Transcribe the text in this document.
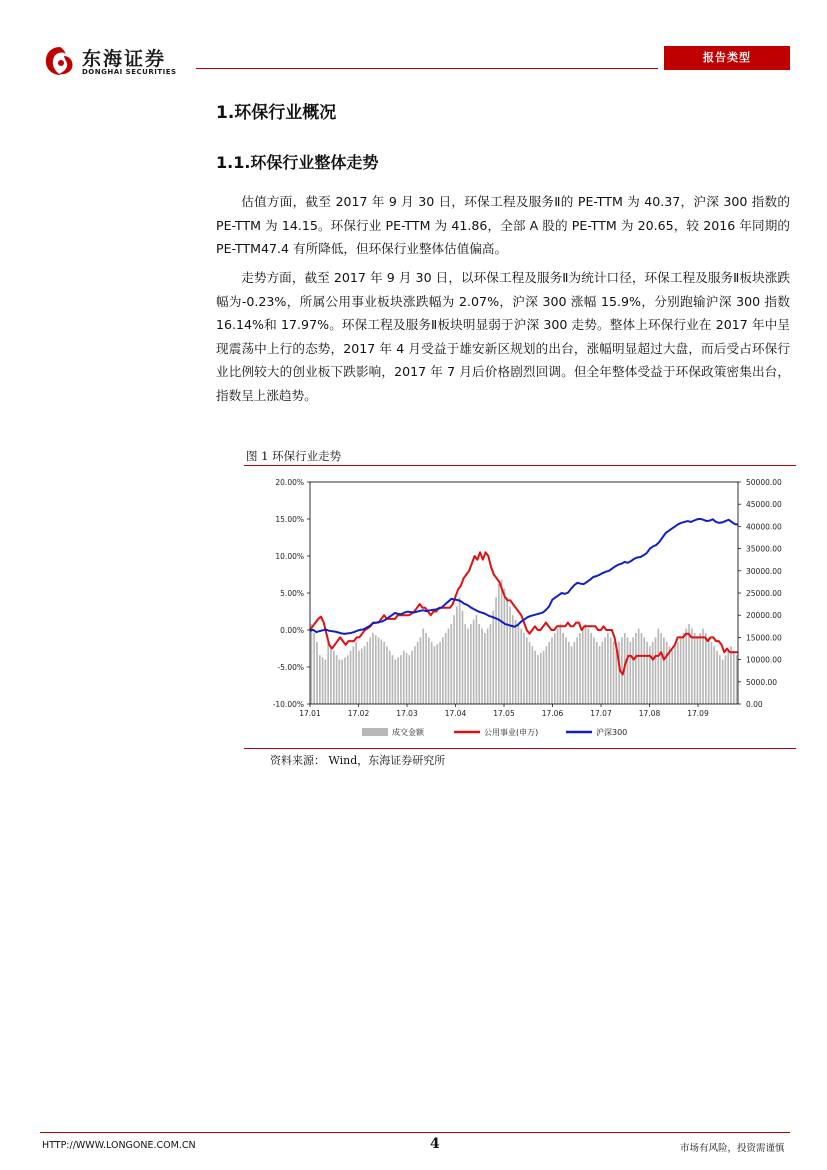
东海证券
DONGHAI SECURITIES
报告类型
1.环保行业概况
1.1.环保行业整体走势

估值方面，截至 2017 年 9 月 30 日，环保工程及服务Ⅱ的 PE-TTM 为 40.37，沪深 300 指数的 PE-TTM 为 14.15。环保行业 PE-TTM 为 41.86，全部 A 股的 PE-TTM 为 20.65，较 2016 年同期的 PE-TTM47.4 有所降低，但环保行业整体估值偏高。

走势方面，截至 2017 年 9 月 30 日，以环保工程及服务Ⅱ为统计口径，环保工程及服务Ⅱ板块涨跌幅为-0.23%，所属公用事业板块涨跌幅为 2.07%，沪深 300 涨幅 15.9%，分别跑输沪深 300 指数 16.14%和 17.97%。环保工程及服务Ⅱ板块明显弱于沪深 300 走势。整体上环保行业在 2017 年中呈现震荡中上行的态势，2017 年 4 月受益于雄安新区规划的出台，涨幅明显超过大盘，而后受占环保行业比例较大的创业板下跌影响，2017 年 7 月后价格剧烈回调。但全年整体受益于环保政策密集出台，指数呈上涨趋势。

图 1 环保行业走势
20.00%
15.00%
10.00%
5.00%
0.00%
-5.00%
-10.00%
50000.00
45000.00
40000.00
35000.00
30000.00
25000.00
20000.00
15000.00
10000.00
5000.00
0.00
17.01	17.02	17.03	17.04	17.05	17.06	17.07	17.08	17.09
成交金额	公用事业(申万)	沪深300
资料来源： Wind，东海证券研究所
HTTP://WWW.LONGONE.COM.CN	4	市场有风险，投资需谨慎
